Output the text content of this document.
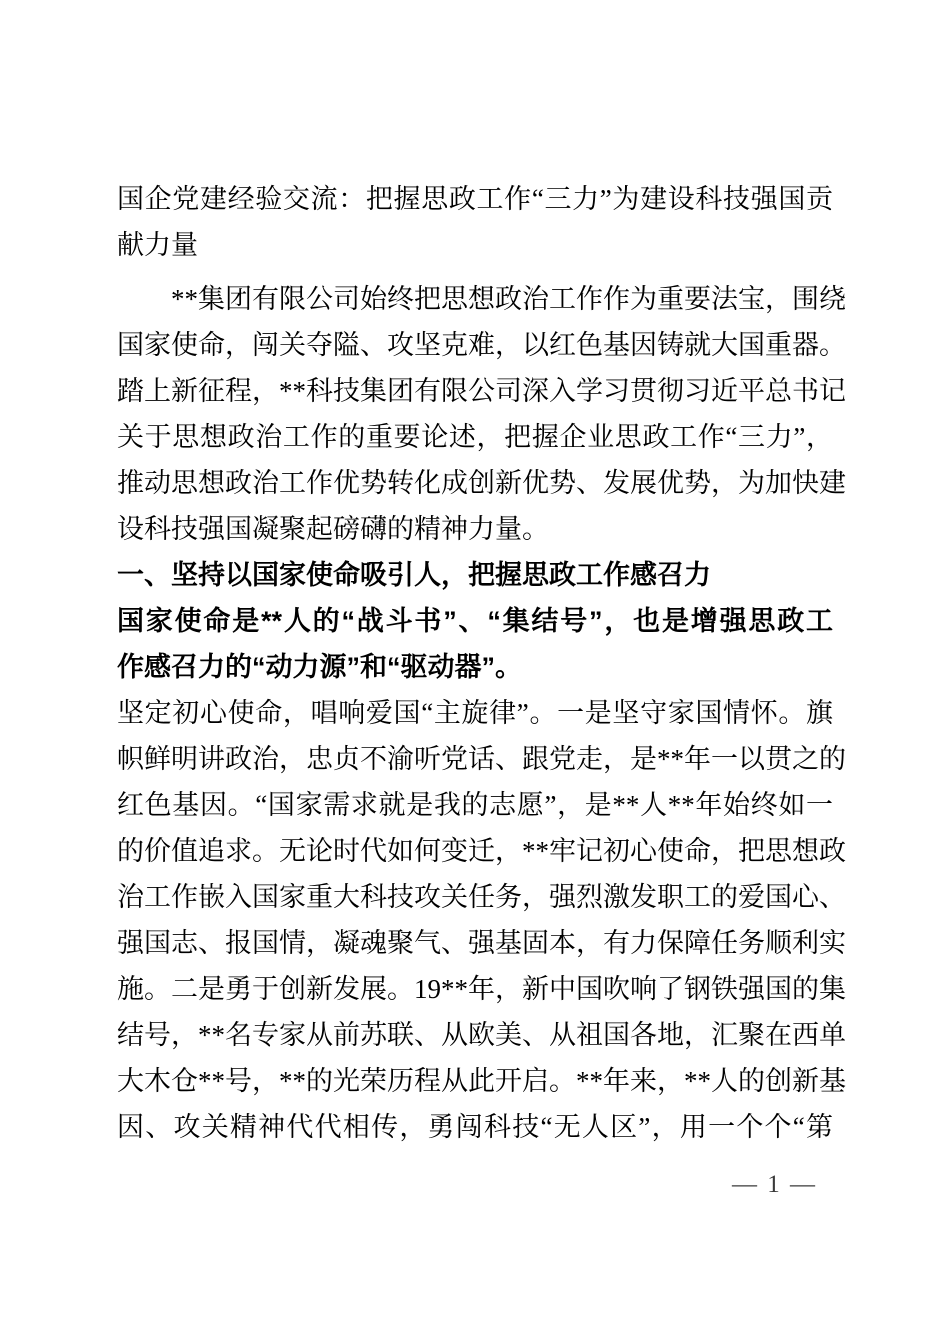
国企党建经验交流：把握思政工作“三力”为建设科技强国贡
献力量
**集团有限公司始终把思想政治工作作为重要法宝，围绕
国家使命，闯关夺隘、攻坚克难，以红色基因铸就大国重器。
踏上新征程，**科技集团有限公司深入学习贯彻习近平总书记
关于思想政治工作的重要论述，把握企业思政工作“三力”，
推动思想政治工作优势转化成创新优势、发展优势，为加快建
设科技强国凝聚起磅礴的精神力量。
一、坚持以国家使命吸引人，把握思政工作感召力
国家使命是**人的“战斗书”、“集结号”，也是增强思政工
作感召力的“动力源”和“驱动器”。
坚定初心使命，唱响爱国“主旋律”。一是坚守家国情怀。旗
帜鲜明讲政治，忠贞不渝听党话、跟党走，是**年一以贯之的
红色基因。“国家需求就是我的志愿”，是**人**年始终如一
的价值追求。无论时代如何变迁，**牢记初心使命，把思想政
治工作嵌入国家重大科技攻关任务，强烈激发职工的爱国心、
强国志、报国情，凝魂聚气、强基固本，有力保障任务顺利实
施。二是勇于创新发展。19**年，新中国吹响了钢铁强国的集
结号，**名专家从前苏联、从欧美、从祖国各地，汇聚在西单
大木仓**号，**的光荣历程从此开启。**年来，**人的创新基
因、攻关精神代代相传，勇闯科技“无人区”，用一个个“第
— 1 —
